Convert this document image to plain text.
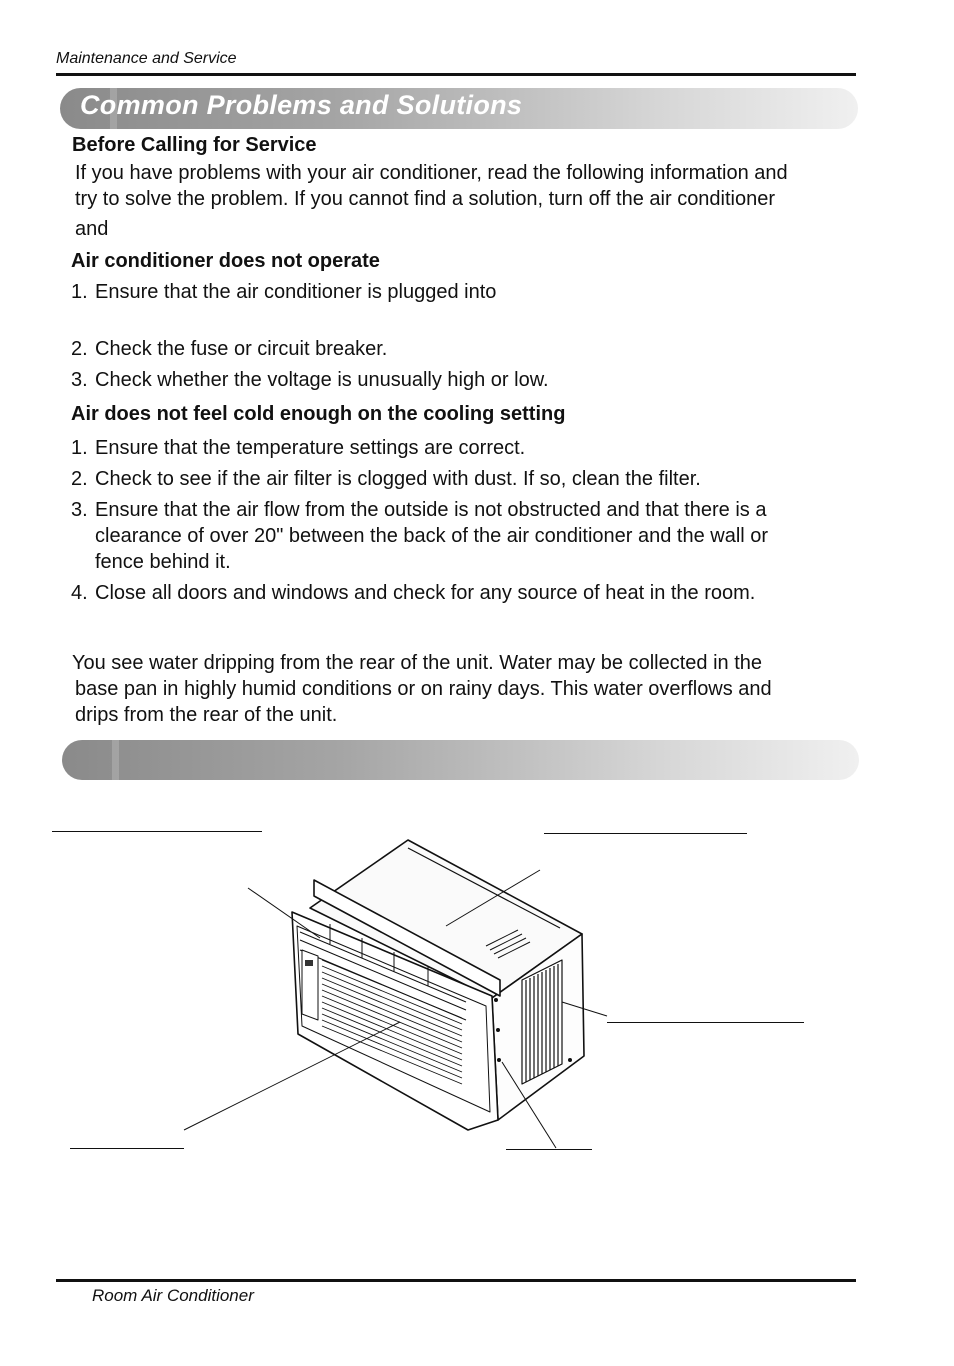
Maintenance and Service
Common Problems and Solutions
Before Calling for Service
If you have problems with your air conditioner, read the following information and
try to solve the problem. If you cannot find a solution, turn off the air conditioner
and
Air conditioner does not operate
1. Ensure that the air conditioner is plugged into
2. Check the fuse or circuit breaker.
3. Check whether the voltage is unusually high or low.
Air does not feel cold enough on the cooling setting
1. Ensure that the temperature settings are correct.
2. Check to see if the air filter is clogged with dust. If so, clean the filter.
3. Ensure that the air flow from the outside is not obstructed and that there is a
clearance of over 20" between the back of the air conditioner and the wall or
fence behind it.
4. Close all doors and windows and check for any source of heat in the room.
You see water dripping from the rear of the unit. Water may be collected in the
base pan in highly humid conditions or on rainy days. This water overflows and
drips from the rear of the unit.
Room Air Conditioner
